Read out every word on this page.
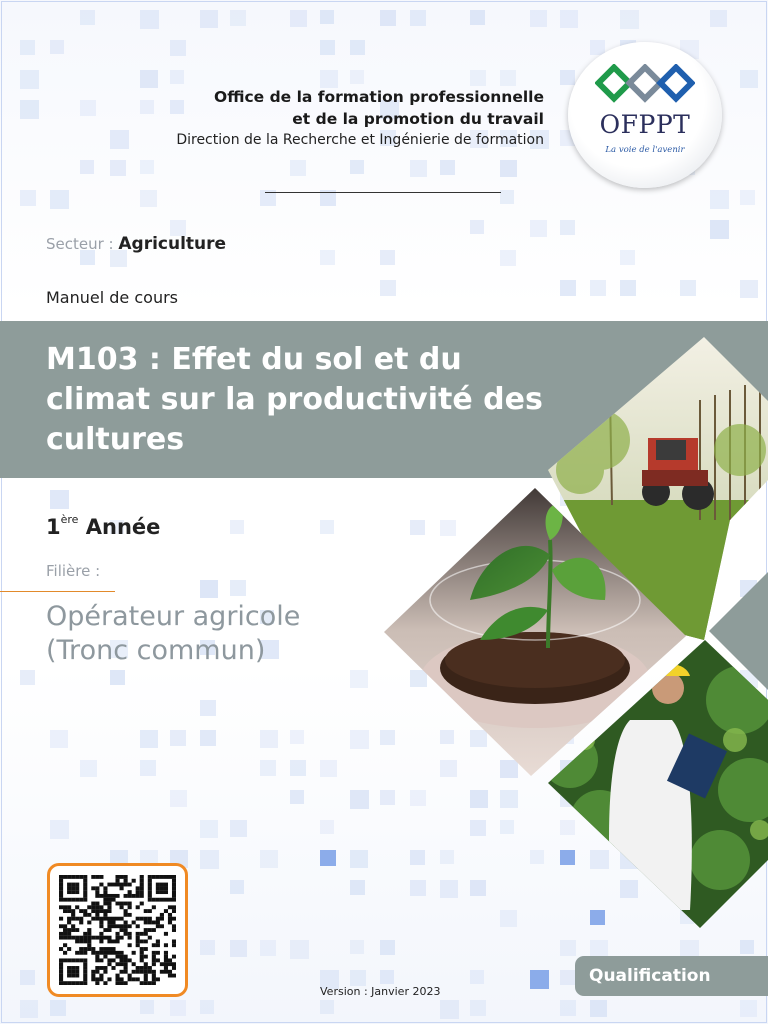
Office de la formation professionnelle
et de la promotion du travail
Direction de la Recherche et Ingénierie de formation
OFPPT
La voie de l'avenir
Secteur : Agriculture
Manuel de cours
M103 : Effet du sol et du climat sur la productivité des cultures
1ère Année
Filière :
Opérateur agricole
(Tronc commun)
Version : Janvier 2023
Qualification
